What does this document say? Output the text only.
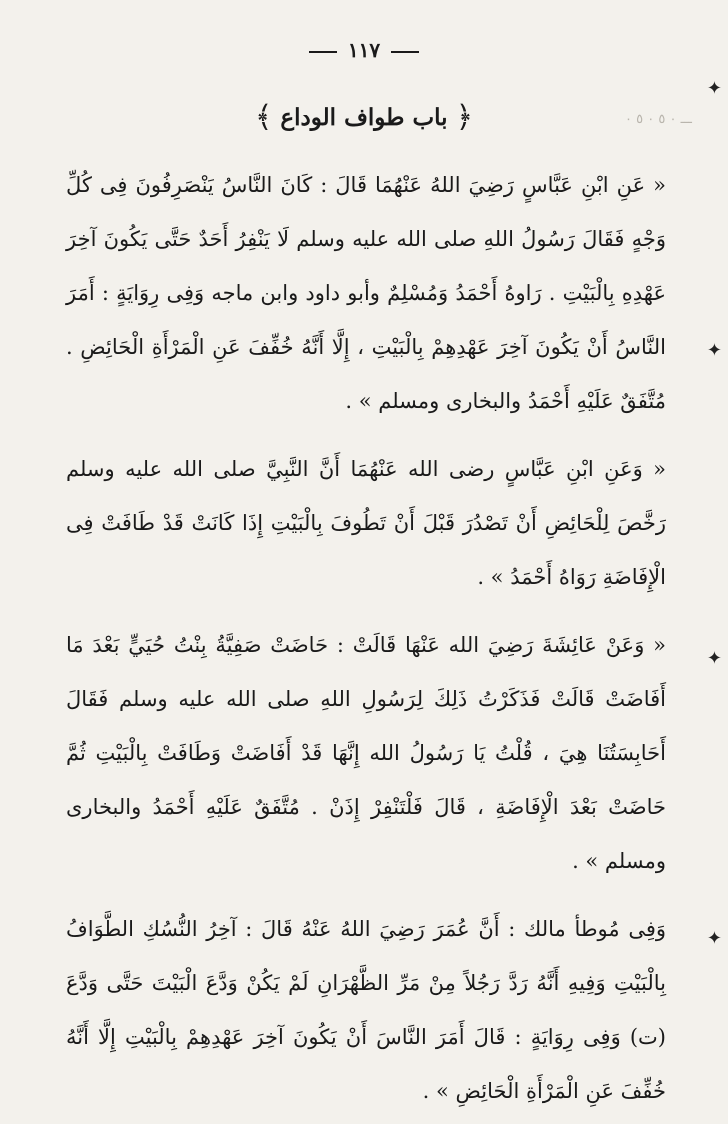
ـــ ٠ ٥ ٠ ٥ ٠
١١٧
﴾ باب طواف الوداع ﴿

« عَنِ ابْنِ عَبَّاسٍ رَضِيَ اللهُ عَنْهُمَا قَالَ : كَانَ النَّاسُ يَنْصَرِفُونَ فِى كُلِّ وَجْهٍ فَقَالَ رَسُولُ اللهِ صلى الله عليه وسلم لَا يَنْفِرُ أَحَدٌ حَتَّى يَكُونَ آخِرَ عَهْدِهِ بِالْبَيْتِ . رَاوهُ أَحْمَدُ وَمُسْلِمٌ وأبو داود وابن ماجه وَفِى رِوَايَةٍ : أَمَرَ النَّاسُ أَنْ يَكُونَ آخِرَ عَهْدِهِمْ بِالْبَيْتِ ، إِلَّا أَنَّهُ خُفِّفَ عَنِ الْمَرْأَةِ الْحَائِضِ . مُتَّفَقٌ عَلَيْهِ أَحْمَدُ والبخارى ومسلم » .

« وَعَنِ ابْنِ عَبَّاسٍ رضى الله عَنْهُمَا أَنَّ النَّبِيَّ صلى الله عليه وسلم رَخَّصَ لِلْحَائِضِ أَنْ تَصْدُرَ قَبْلَ أَنْ تَطُوفَ بِالْبَيْتِ إِذَا كَانَتْ قَدْ طَافَتْ فِى الْإِفَاضَةِ رَوَاهُ أَحْمَدُ » .

« وَعَنْ عَائِشَةَ رَضِيَ الله عَنْهَا قَالَتْ : حَاضَتْ صَفِيَّةُ بِنْتُ حُيَيٍّ بَعْدَ مَا أَفَاضَتْ قَالَتْ فَذَكَرْتُ ذَلِكَ لِرَسُولِ اللهِ صلى الله عليه وسلم فَقَالَ أَحَابِسَتُنَا هِيَ ، قُلْتُ يَا رَسُولُ الله إِنَّهَا قَدْ أَفَاضَتْ وَطَافَتْ بِالْبَيْتِ ثُمَّ حَاضَتْ بَعْدَ الْإِفَاضَةِ ، قَالَ فَلْتَنْفِرْ إِذَنْ . مُتَّفَقٌ عَلَيْهِ أَحْمَدُ والبخارى ومسلم » .

وَفِى مُوطأ مالك : أَنَّ عُمَرَ رَضِيَ اللهُ عَنْهُ قَالَ : آخِرُ النُّسُكِ الطَّوَافُ بِالْبَيْتِ وَفِيهِ أَنَّهُ رَدَّ رَجُلاً مِنْ مَرِّ الظَّهْرَانِ لَمْ يَكُنْ وَدَّعَ الْبَيْتَ حَتَّى وَدَّعَ (ت) وَفِى رِوَايَةٍ : قَالَ أَمَرَ النَّاسَ أَنْ يَكُونَ آخِرَ عَهْدِهِمْ بِالْبَيْتِ إِلَّا أَنَّهُ خُفِّفَ عَنِ الْمَرْأَةِ الْحَائِضِ » .

✦
✦
✦
✦
